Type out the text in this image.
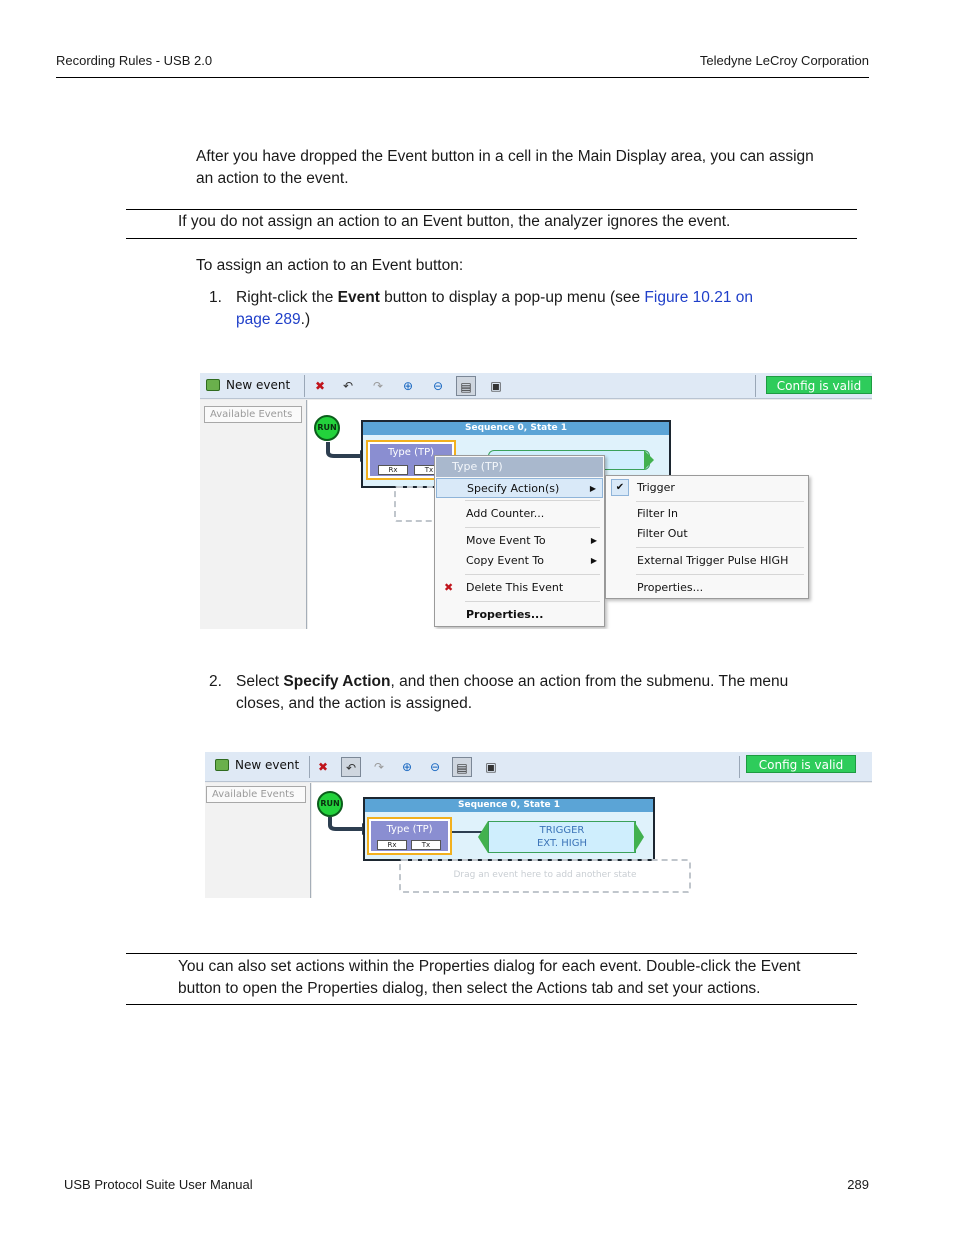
Recording Rules - USB 2.0	Teledyne LeCroy Corporation
After you have dropped the Event button in a cell in the Main Display area, you can assign
an action to the event.
If you do not assign an action to an Event button, the analyzer ignores the event.
To assign an action to an Event button:
1. Right-click the Event button to display a pop-up menu (see Figure 10.21 on
page 289.)
New event	✖	↶	↷	⊕	⊖	▤	▣	Config is valid
Available Events
RUN	Sequence 0, State 1
Type (TP)
Rx	Tx	Type (TP)
Specify Action(s)	▶
Add Counter...
Move Event To	▶
Copy Event To	▶
✖ Delete This Event
Properties...
✔	Trigger
Filter In
Filter Out
External Trigger Pulse HIGH
Properties...
2. Select Specify Action, and then choose an action from the submenu. The menu
closes, and the action is assigned.
New event	✖	↶	↷	⊕	⊖	▤	▣	Config is valid
Available Events
RUN	Sequence 0, State 1
Type (TP)
Rx	Tx
TRIGGER
EXT. HIGH
Drag an event here to add another state
You can also set actions within the Properties dialog for each event. Double-click the Event
button to open the Properties dialog, then select the Actions tab and set your actions.
USB Protocol Suite User Manual	289
